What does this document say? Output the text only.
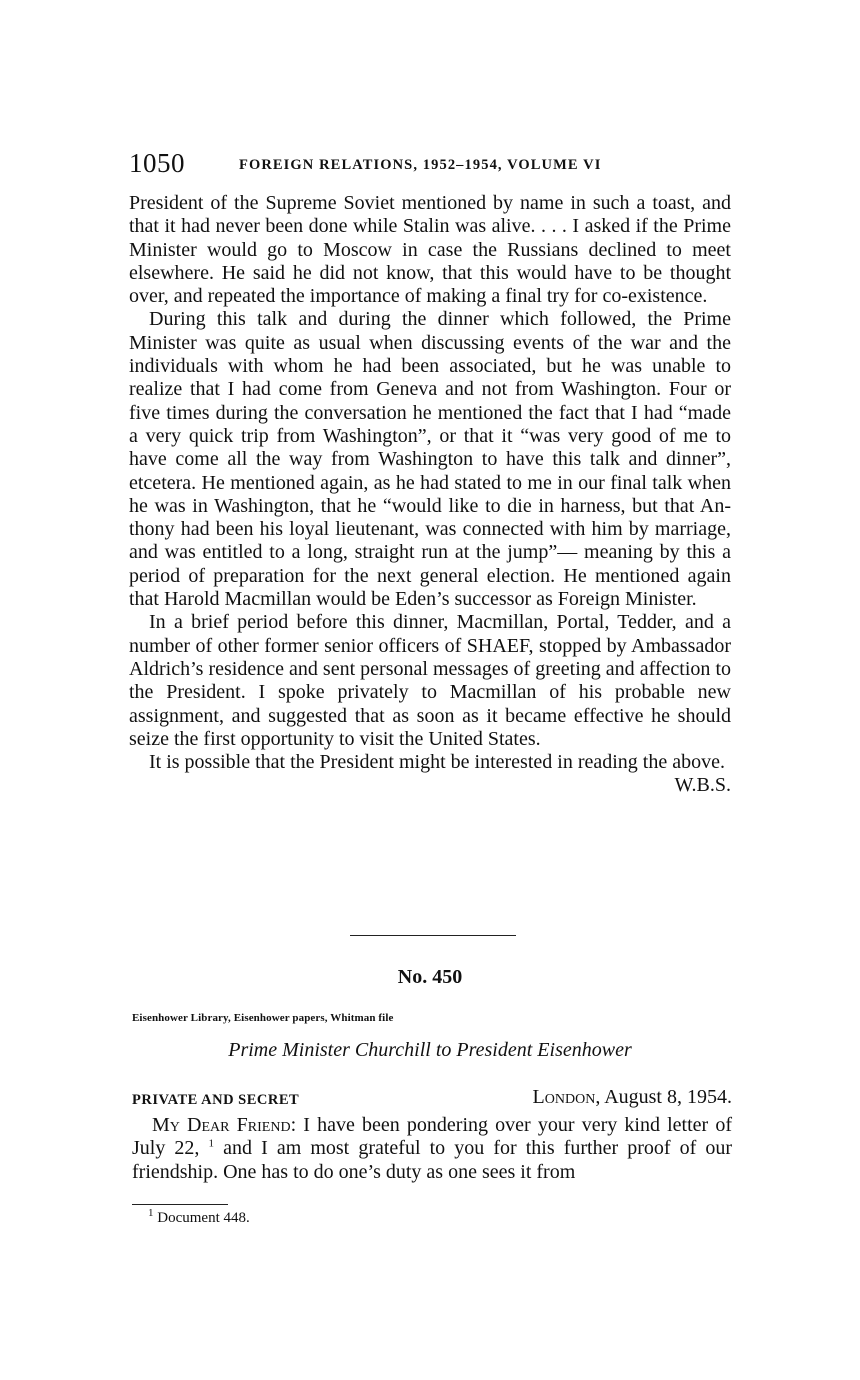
1050	FOREIGN RELATIONS, 1952–1954, VOLUME VI

President of the Supreme Soviet mentioned by name in such a toast, and that it had never been done while Stalin was alive. . . . I asked if the Prime Minister would go to Moscow in case the Russians declined to meet elsewhere. He said he did not know, that this would have to be thought over, and repeated the importance of making a final try for co-existence.

During this talk and during the dinner which followed, the Prime Minister was quite as usual when discussing events of the war and the individuals with whom he had been associated, but he was unable to realize that I had come from Geneva and not from Washington. Four or five times during the conversation he mentioned the fact that I had “made a very quick trip from Washington”, or that it “was very good of me to have come all the way from Washington to have this talk and dinner”, etcetera. He mentioned again, as he had stated to me in our final talk when he was in Washington, that he “would like to die in harness, but that Anthony had been his loyal lieutenant, was connected with him by marriage, and was entitled to a long, straight run at the jump”— meaning by this a period of preparation for the next general election. He mentioned again that Harold Macmillan would be Eden’s successor as Foreign Minister.

In a brief period before this dinner, Macmillan, Portal, Tedder, and a number of other former senior officers of SHAEF, stopped by Ambassador Aldrich’s residence and sent personal messages of greeting and affection to the President. I spoke privately to Macmillan of his probable new assignment, and suggested that as soon as it became effective he should seize the first opportunity to visit the United States.

It is possible that the President might be interested in reading the above.

W.B.S.

No. 450
Eisenhower Library, Eisenhower papers, Whitman file
Prime Minister Churchill to President Eisenhower
PRIVATE AND SECRET	London, August 8, 1954.

My Dear Friend: I have been pondering over your very kind letter of July 22, $^1$ and I am most grateful to you for this further proof of our friendship. One has to do one’s duty as one sees it from

$^1$ Document 448.
